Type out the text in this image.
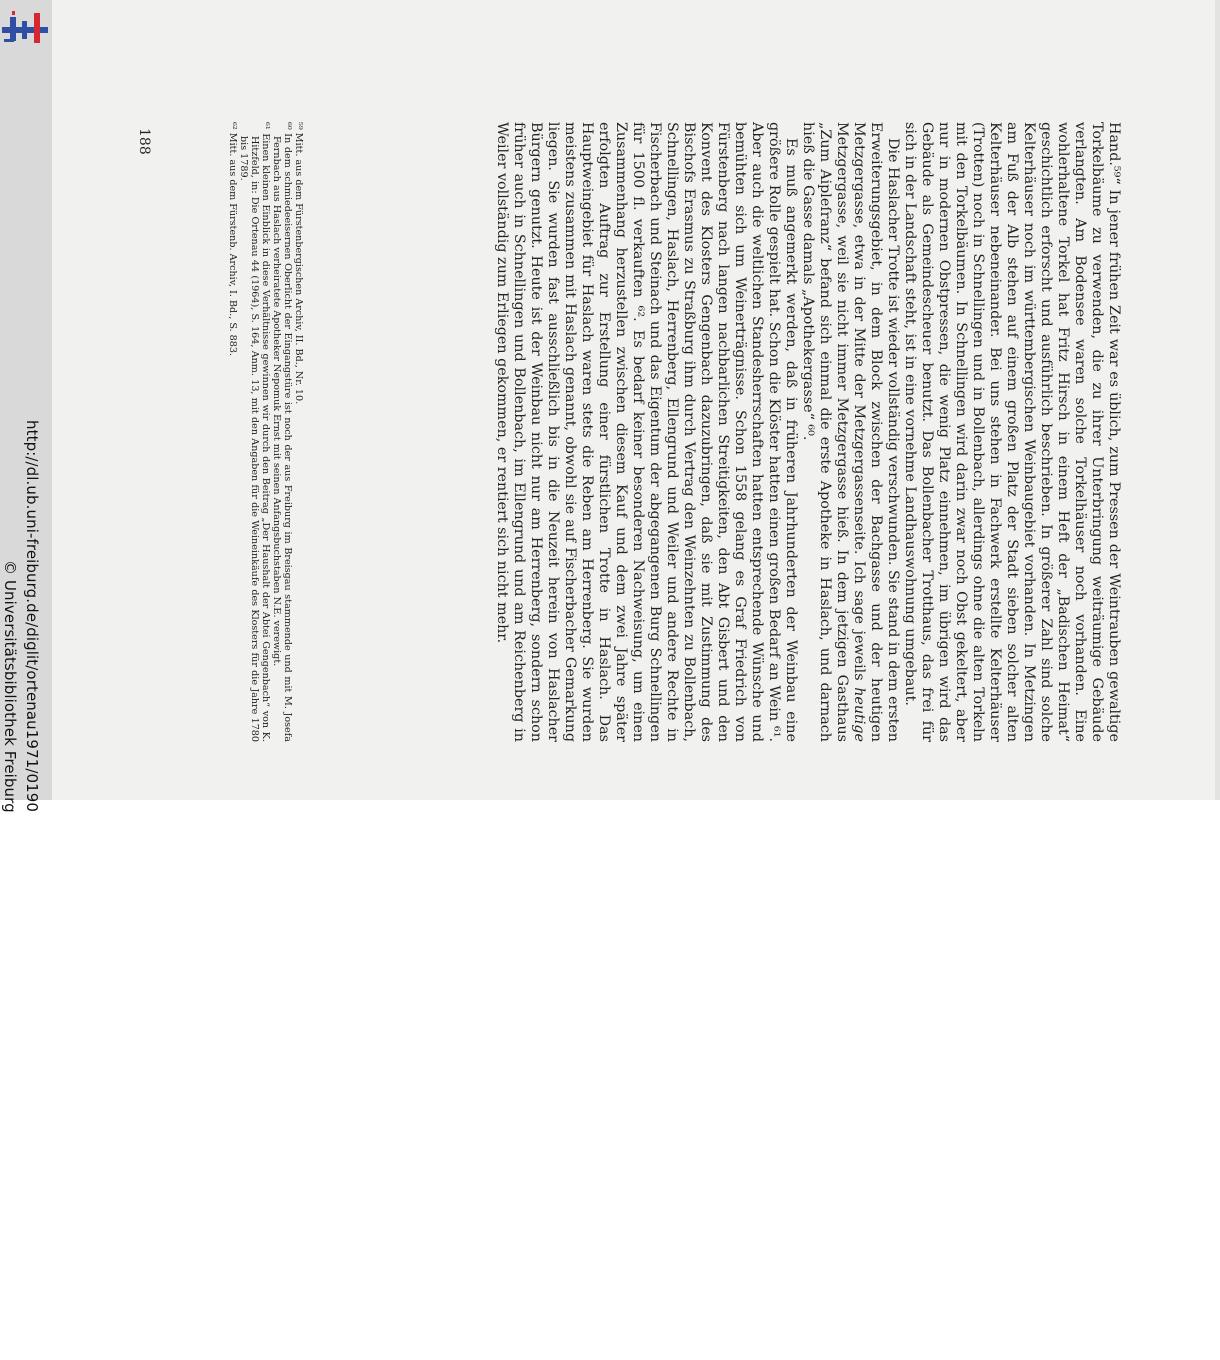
http://dl.ub.uni-freiburg.de/diglit/ortenau1971/0190
© Universitätsbibliothek Freiburg	Hand.⁵⁹“ In jener frühen Zeit war es üblich, zum Pressen der Weintrauben gewaltige Torkelbäume zu verwenden, die zu ihrer Unterbringung weiträumige Gebäude verlangten. Am Bodensee waren solche Torkelhäuser noch vorhanden. Eine wohlerhaltene Torkel hat Fritz Hirsch in einem Heft der „Badischen Heimat“ geschichtlich erforscht und ausführlich beschrieben. In größerer Zahl sind solche Kelterhäuser noch im württembergischen Weinbaugebiet vorhanden. In Metzingen am Fuß der Alb stehen auf einem großen Platz der Stadt sieben solcher alten Kelterhäuser nebeneinander. Bei uns stehen in Fachwerk erstellte Kelterhäuser (Trotten) noch in Schnellingen und in Bollenbach, allerdings ohne die alten Torkeln mit den Torkelbäumen. In Schnellingen wird darin zwar noch Obst gekeltert, aber nur in modernen Obstpressen, die wenig Platz einnehmen, im übrigen wird das Gebäude als Gemeindescheuer benutzt. Das Bollenbacher Trotthaus, das frei für sich in der Landschaft steht, ist in eine vornehme Landhauswohnung umgebaut.

Die Haslacher Trotte ist wieder vollständig verschwunden. Sie stand in dem ersten Erweiterungsgebiet, in dem Block zwischen der Bachgasse und der heutigen Metzgergasse, etwa in der Mitte der Metzgergassenseite. Ich sage jeweils heutige Metzgergasse, weil sie nicht immer Metzgergasse hieß. In dem jetzigen Gasthaus „Zum Aipleſranz“ befand sich einmal die erste Apotheke in Haslach, und darnach hieß die Gasse damals „Apothekergasse“ ⁶⁰.

Es muß angemerkt werden, daß in früheren Jahrhunderten der Weinbau eine größere Rolle gespielt hat. Schon die Klöster hatten einen großen Bedarf an Wein ⁶¹. Aber auch die weltlichen Standesherrschaften hatten entsprechende Wünsche und bemühten sich um Weinerträgnisse. Schon 1558 gelang es Graf Friedrich von Fürstenberg nach langen nachbarlichen Streitigkeiten, den Abt Gisbert und den Konvent des Klosters Gengenbach dazuzubringen, daß sie mit Zustimmung des Bischofs Erasmus zu Straßburg ihm durch Vertrag den Weinzehnten zu Bollenbach, Schnellingen, Haslach, Herrenberg, Ellengrund und Weiler und andere Rechte in Fischerbach und Steinach und das Eigentum der abgegangenen Burg Schnellingen für 1500 fl. verkauften ⁶². Es bedarf keiner besonderen Nachweisung, um einen Zusammenhang herzustellen zwischen diesem Kauf und dem zwei Jahre später erfolgten Auftrag zur Erstellung einer fürstlichen Trotte in Haslach. Das Hauptweingebiet für Haslach waren stets die Reben am Herrenberg. Sie wurden meistens zusammen mit Haslach genannt, obwohl sie auf Fischerbacher Gemarkung liegen. Sie wurden fast ausschließlich bis in die Neuzeit herein von Haslacher Bürgern genutzt. Heute ist der Weinbau nicht nur am Herrenberg, sondern schon früher auch in Schnellingen und Bollenbach, im Ellengrund und am Reichenberg in Weiler vollständig zum Erliegen gekommen, er rentiert sich nicht mehr.

⁵⁹ Mitt. aus dem Fürstenbergischen Archiv, II. Bd., Nr. 10.

⁶⁰ In dem schmiedeeisernen Oberlicht der Eingangstüre ist noch der aus Freiburg im Breisgau stammende und mit M. Josefa Fernbach aus Haslach verheiratete Apotheker Nepomuk Ernst mit seinen Anfangsbuchstaben N.E. verewigt.

⁶¹ Einen kleinen Einblick in diese Verhältnisse gewinnen wir durch den Beitrag „Der Haushalt der Abtei Gengenbach“ von K. Hitzfeld, in: Die Ortenau 44 (1964), S. 164, Anm. 13, mit den Angaben für die Weineinkäufe des Klosters für die Jahre 1780 bis 1789.

⁶² Mitt. aus dem Fürstenb. Archiv, I. Bd., S. 883.

188
